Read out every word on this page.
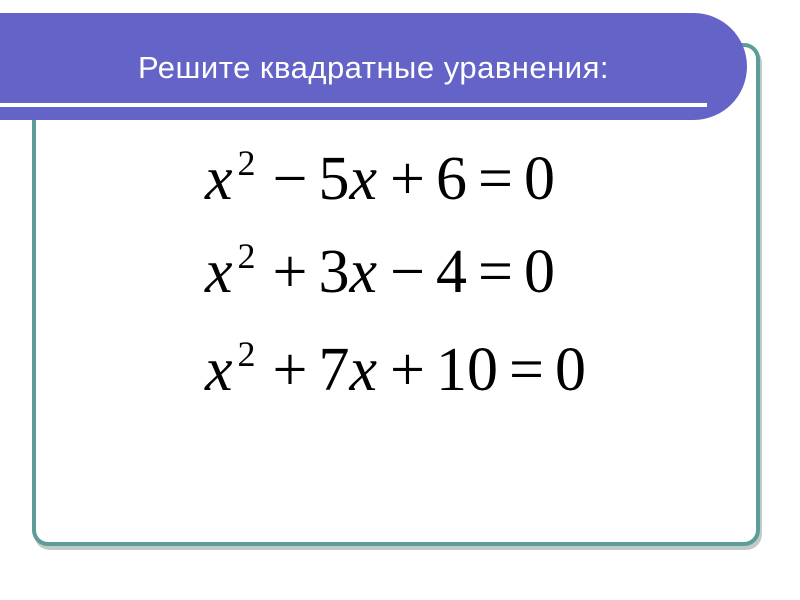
Решите квадратные уравнения:
x 2 − 5x + 6 = 0
x 2 + 3x − 4 = 0
x 2 + 7x + 10 = 0
